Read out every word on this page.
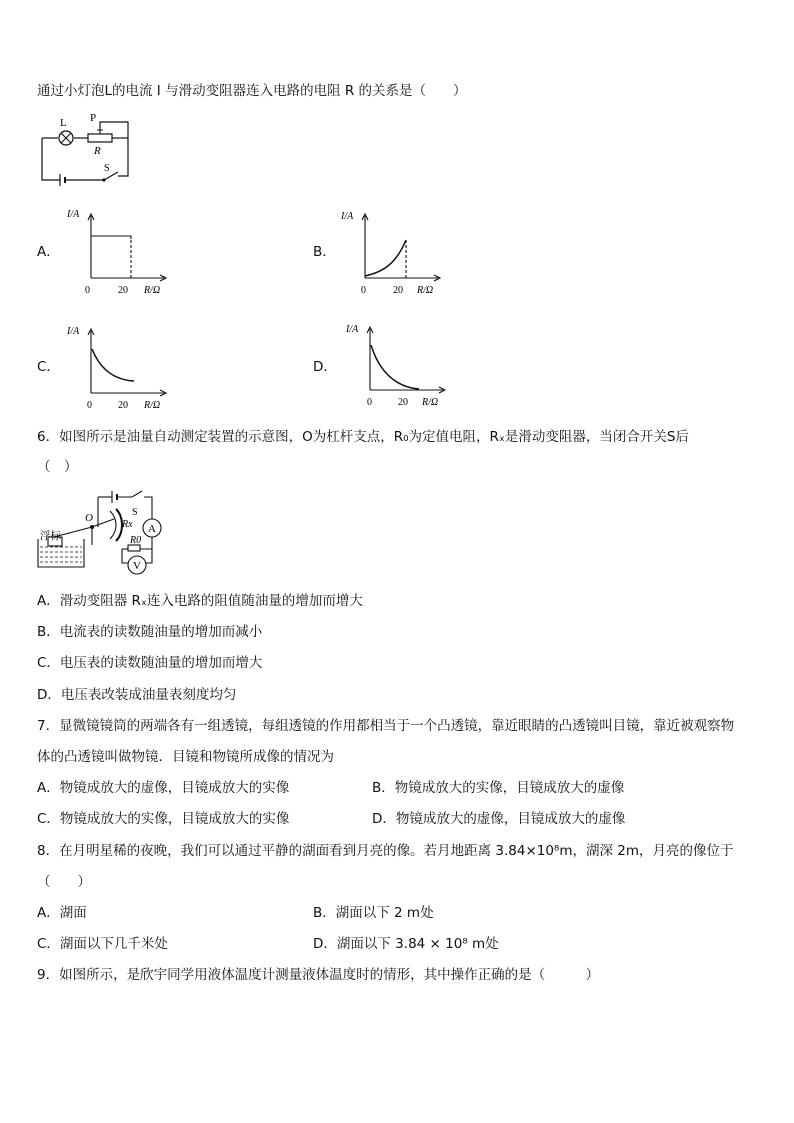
通过小灯泡L的电流 I 与滑动变阻器连入电路的电阻 R 的关系是（　　）
L P
R
S
A．	B．
C．	D．
I/A
0	20 R/Ω
I/A
0	20 R/Ω
I/A
0	20 R/Ω
I/A
0	20 R/Ω
6．如图所示是油量自动测定装置的示意图，O为杠杆支点，R₀为定值电阻，Rₓ是滑动变阻器，当闭合开关S后
（　）
A
V
浮标
O	S
Rx
R0
A．滑动变阻器 Rₓ连入电路的阻值随油量的增加而增大
B．电流表的读数随油量的增加而减小
C．电压表的读数随油量的增加而增大
D．电压表改装成油量表刻度均匀
7．显微镜镜筒的两端各有一组透镜，每组透镜的作用都相当于一个凸透镜，靠近眼睛的凸透镜叫目镜，靠近被观察物
体的凸透镜叫做物镜．目镜和物镜所成像的情况为
A．物镜成放大的虚像，目镜成放大的实像	B．物镜成放大的实像，目镜成放大的虚像
C．物镜成放大的实像，目镜成放大的实像	D．物镜成放大的虚像，目镜成放大的虚像
8．在月明星稀的夜晚，我们可以通过平静的湖面看到月亮的像。若月地距离 3.84×10⁸m，湖深 2m，月亮的像位于
（　　）
A．湖面	B．湖面以下 2 m处
C．湖面以下几千米处	D．湖面以下 3.84 × 10⁸ m处
9．如图所示，是欣宇同学用液体温度计测量液体温度时的情形，其中操作正确的是（　　　）
